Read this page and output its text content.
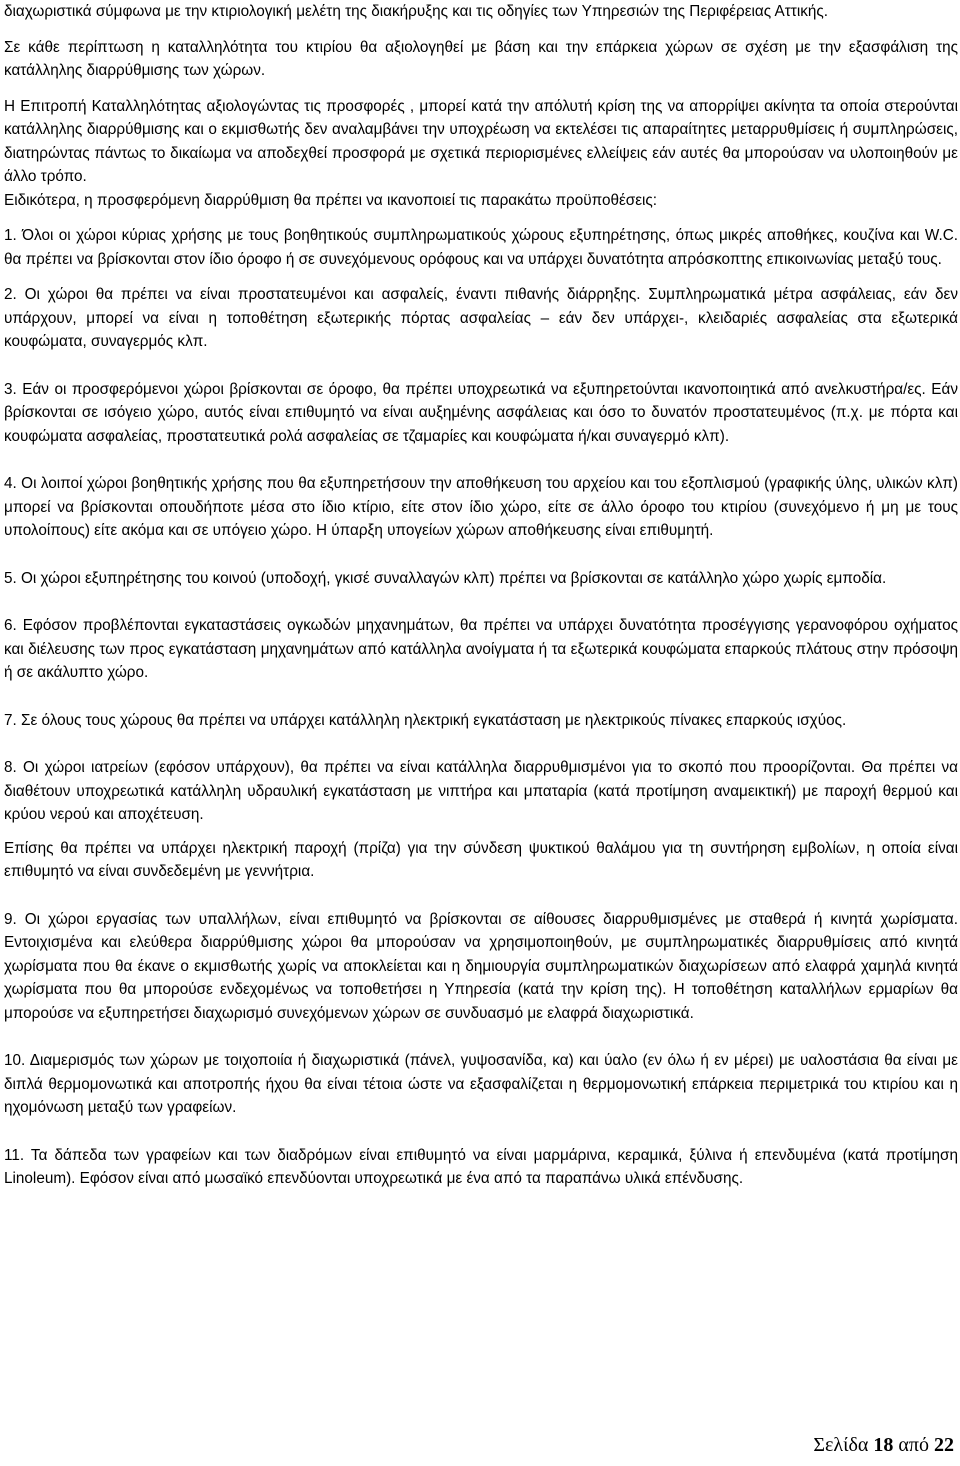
διαχωριστικά σύμφωνα με την κτιριολογική μελέτη της διακήρυξης και τις οδηγίες των Υπηρεσιών της Περιφέρειας Αττικής.

Σε κάθε περίπτωση η καταλληλότητα του κτιρίου θα αξιολογηθεί με βάση και την επάρκεια χώρων σε σχέση με την εξασφάλιση της κατάλληλης διαρρύθμισης των χώρων.

Η Επιτροπή Καταλληλότητας αξιολογώντας τις προσφορές , μπορεί κατά την απόλυτή κρίση της να απορρίψει ακίνητα τα οποία στερούνται κατάλληλης διαρρύθμισης και ο εκμισθωτής δεν αναλαμβάνει την υποχρέωση να εκτελέσει τις απαραίτητες μεταρρυθμίσεις ή συμπληρώσεις, διατηρώντας πάντως το δικαίωμα να αποδεχθεί προσφορά με σχετικά περιορισμένες ελλείψεις εάν αυτές θα μπορούσαν να υλοποιηθούν με άλλο τρόπο.

Ειδικότερα, η προσφερόμενη διαρρύθμιση θα πρέπει να ικανοποιεί τις παρακάτω προϋποθέσεις:

1. Όλοι οι χώροι κύριας χρήσης με τους βοηθητικούς συμπληρωματικούς χώρους εξυπηρέτησης, όπως μικρές αποθήκες, κουζίνα και W.C. θα πρέπει να βρίσκονται στον ίδιο όροφο ή σε συνεχόμενους ορόφους και να υπάρχει δυνατότητα απρόσκοπτης επικοινωνίας μεταξύ τους.

2. Οι χώροι θα πρέπει να είναι προστατευμένοι και ασφαλείς, έναντι πιθανής διάρρηξης. Συμπληρωματικά μέτρα ασφάλειας, εάν δεν υπάρχουν, μπορεί να είναι η τοποθέτηση εξωτερικής πόρτας ασφαλείας – εάν δεν υπάρχει-, κλειδαριές ασφαλείας στα εξωτερικά κουφώματα, συναγερμός κλπ.

3. Εάν οι προσφερόμενοι χώροι βρίσκονται σε όροφο, θα πρέπει υποχρεωτικά να εξυπηρετούνται ικανοποιητικά από ανελκυστήρα/ες. Εάν βρίσκονται σε ισόγειο χώρο, αυτός είναι επιθυμητό να είναι αυξημένης ασφάλειας και όσο το δυνατόν προστατευμένος (π.χ. με πόρτα και κουφώματα ασφαλείας, προστατευτικά ρολά ασφαλείας σε τζαμαρίες και κουφώματα ή/και συναγερμό κλπ).

4. Οι λοιποί χώροι βοηθητικής χρήσης που θα εξυπηρετήσουν την αποθήκευση του αρχείου και του εξοπλισμού (γραφικής ύλης, υλικών κλπ) μπορεί να βρίσκονται οπουδήποτε μέσα στο ίδιο κτίριο, είτε στον ίδιο χώρο, είτε σε άλλο όροφο του κτιρίου (συνεχόμενο ή μη με τους υπολοίπους) είτε ακόμα και σε υπόγειο χώρο. Η ύπαρξη υπογείων χώρων αποθήκευσης είναι επιθυμητή.

5. Οι χώροι εξυπηρέτησης του κοινού (υποδοχή, γκισέ συναλλαγών κλπ) πρέπει να βρίσκονται σε κατάλληλο χώρο χωρίς εμποδία.

6. Εφόσον προβλέπονται εγκαταστάσεις ογκωδών μηχανημάτων, θα πρέπει να υπάρχει δυνατότητα προσέγγισης γερανοφόρου οχήματος και διέλευσης των προς εγκατάσταση μηχανημάτων από κατάλληλα ανοίγματα ή τα εξωτερικά κουφώματα επαρκούς πλάτους στην πρόσοψη ή σε ακάλυπτο χώρο.

7. Σε όλους τους χώρους θα πρέπει να υπάρχει κατάλληλη ηλεκτρική εγκατάσταση με ηλεκτρικούς πίνακες επαρκούς ισχύος.

8. Οι χώροι ιατρείων (εφόσον υπάρχουν), θα πρέπει να είναι κατάλληλα διαρρυθμισμένοι για το σκοπό που προορίζονται. Θα πρέπει να διαθέτουν υποχρεωτικά κατάλληλη υδραυλική εγκατάσταση με νιπτήρα και μπαταρία (κατά προτίμηση αναμεικτική) με παροχή θερμού και κρύου νερού και αποχέτευση.

Επίσης θα πρέπει να υπάρχει ηλεκτρική παροχή (πρίζα) για την σύνδεση ψυκτικού θαλάμου για τη συντήρηση εμβολίων, η οποία είναι επιθυμητό να είναι συνδεδεμένη με γεννήτρια.

9. Οι χώροι εργασίας των υπαλλήλων, είναι επιθυμητό να βρίσκονται σε αίθουσες διαρρυθμισμένες με σταθερά ή κινητά χωρίσματα. Εντοιχισμένα και ελεύθερα διαρρύθμισης χώροι θα μπορούσαν να χρησιμοποιηθούν, με συμπληρωματικές διαρρυθμίσεις από κινητά χωρίσματα που θα έκανε ο εκμισθωτής χωρίς να αποκλείεται και η δημιουργία συμπληρωματικών διαχωρίσεων από ελαφρά χαμηλά κινητά χωρίσματα που θα μπορούσε ενδεχομένως να τοποθετήσει η Υπηρεσία (κατά την κρίση της). Η τοποθέτηση καταλλήλων ερμαρίων θα μπορούσε να εξυπηρετήσει διαχωρισμό συνεχόμενων χώρων σε συνδυασμό με ελαφρά διαχωριστικά.

10. Διαμερισμός των χώρων με τοιχοποιία ή διαχωριστικά (πάνελ, γυψοσανίδα, κα) και ύαλο (εν όλω ή εν μέρει) με υαλοστάσια θα είναι με διπλά θερμομονωτικά και αποτροπής ήχου θα είναι τέτοια ώστε να εξασφαλίζεται η θερμομονωτική επάρκεια περιμετρικά του κτιρίου και η ηχομόνωση μεταξύ των γραφείων.

11. Τα δάπεδα των γραφείων και των διαδρόμων είναι επιθυμητό να είναι μαρμάρινα, κεραμικά, ξύλινα ή επενδυμένα (κατά προτίμηση Linoleum). Εφόσον είναι από μωσαϊκό επενδύονται υποχρεωτικά με ένα από τα παραπάνω υλικά επένδυσης.

Σελίδα 18 από 22
